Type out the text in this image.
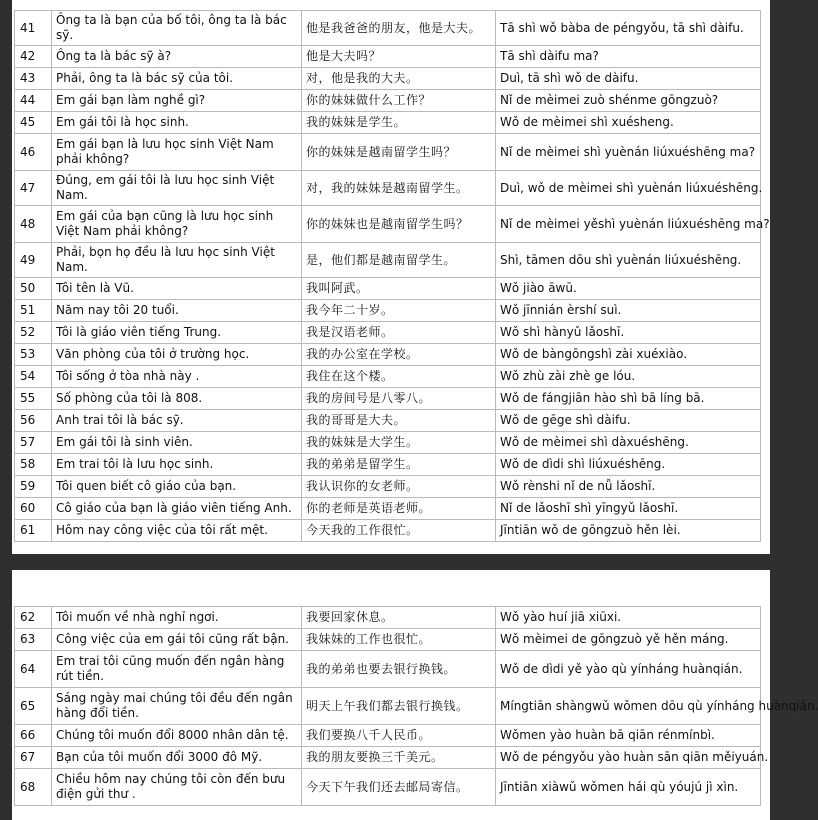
41	Ông ta là bạn của bố tôi, ông ta là bác sỹ.	他是我爸爸的朋友，他是大夫。	Tā shì wǒ bàba de péngyǒu, tā shì dàifu.
42	Ông ta là bác sỹ à?	他是大夫吗？	Tā shì dàifu ma?
43	Phải, ông ta là bác sỹ của tôi.	对，他是我的大夫。	Duì, tā shì wǒ de dàifu.
44	Em gái bạn làm nghề gì?	你的妹妹做什么工作？	Nǐ de mèimei zuò shénme gōngzuò?
45	Em gái tôi là học sinh.	我的妹妹是学生。	Wǒ de mèimei shì xuésheng.
46	Em gái bạn là lưu học sinh Việt Nam phải không?	你的妹妹是越南留学生吗？	Nǐ de mèimei shì yuènán liúxuéshēng ma?
47	Đúng, em gái tôi là lưu học sinh Việt Nam.	对，我的妹妹是越南留学生。	Duì, wǒ de mèimei shì yuènán liúxuéshēng.
48	Em gái của bạn cũng là lưu học sinh Việt Nam phải không?	你的妹妹也是越南留学生吗？	Nǐ de mèimei yěshì yuènán liúxuéshēng ma?
49	Phải, bọn họ đều là lưu học sinh Việt Nam.	是，他们都是越南留学生。	Shì, tāmen dōu shì yuènán liúxuéshēng.
50	Tôi tên là Vũ.	我叫阿武。	Wǒ jiào āwū.
51	Năm nay tôi 20 tuổi.	我今年二十岁。	Wǒ jīnnián èrshí suì.
52	Tôi là giáo viên tiếng Trung.	我是汉语老师。	Wǒ shì hànyǔ lǎoshī.
53	Văn phòng của tôi ở trường học.	我的办公室在学校。	Wǒ de bàngōngshì zài xuéxiào.
54	Tôi sống ở tòa nhà này .	我住在这个楼。	Wǒ zhù zài zhè ge lóu.
55	Số phòng của tôi là 808.	我的房间号是八零八。	Wǒ de fángjiān hào shì bā líng bā.
56	Anh trai tôi là bác sỹ.	我的哥哥是大夫。	Wǒ de gēge shì dàifu.
57	Em gái tôi là sinh viên.	我的妹妹是大学生。	Wǒ de mèimei shì dàxuéshēng.
58	Em trai tôi là lưu học sinh.	我的弟弟是留学生。	Wǒ de dìdi shì liúxuéshēng.
59	Tôi quen biết cô giáo của bạn.	我认识你的女老师。	Wǒ rènshi nǐ de nǚ lǎoshī.
60	Cô giáo của bạn là giáo viên tiếng Anh.	你的老师是英语老师。	Nǐ de lǎoshī shì yīngyǔ lǎoshī.
61	Hôm nay công việc của tôi rất mệt.	今天我的工作很忙。	Jīntiān wǒ de gōngzuò hěn lèi.
62	Tôi muốn về nhà nghỉ ngơi.	我要回家休息。	Wǒ yào huí jiā xiūxi.
63	Công việc của em gái tôi cũng rất bận.	我妹妹的工作也很忙。	Wǒ mèimei de gōngzuò yě hěn máng.
64	Em trai tôi cũng muốn đến ngân hàng rút tiền.	我的弟弟也要去银行换钱。	Wǒ de dìdi yě yào qù yínháng huànqián.
65	Sáng ngày mai chúng tôi đều đến ngân hàng đổi tiền.	明天上午我们都去银行换钱。	Míngtiān shàngwǔ wǒmen dōu qù yínháng huànqián.
66	Chúng tôi muốn đổi 8000 nhân dân tệ.	我们要换八千人民币。	Wǒmen yào huàn bā qiān rénmínbì.
67	Bạn của tôi muốn đổi 3000 đô Mỹ.	我的朋友要换三千美元。	Wǒ de péngyǒu yào huàn sān qiān měiyuán.
68	Chiều hôm nay chúng tôi còn đến bưu điện gửi thư .	今天下午我们还去邮局寄信。	Jīntiān xiàwǔ wǒmen hái qù yóujú jì xìn.
